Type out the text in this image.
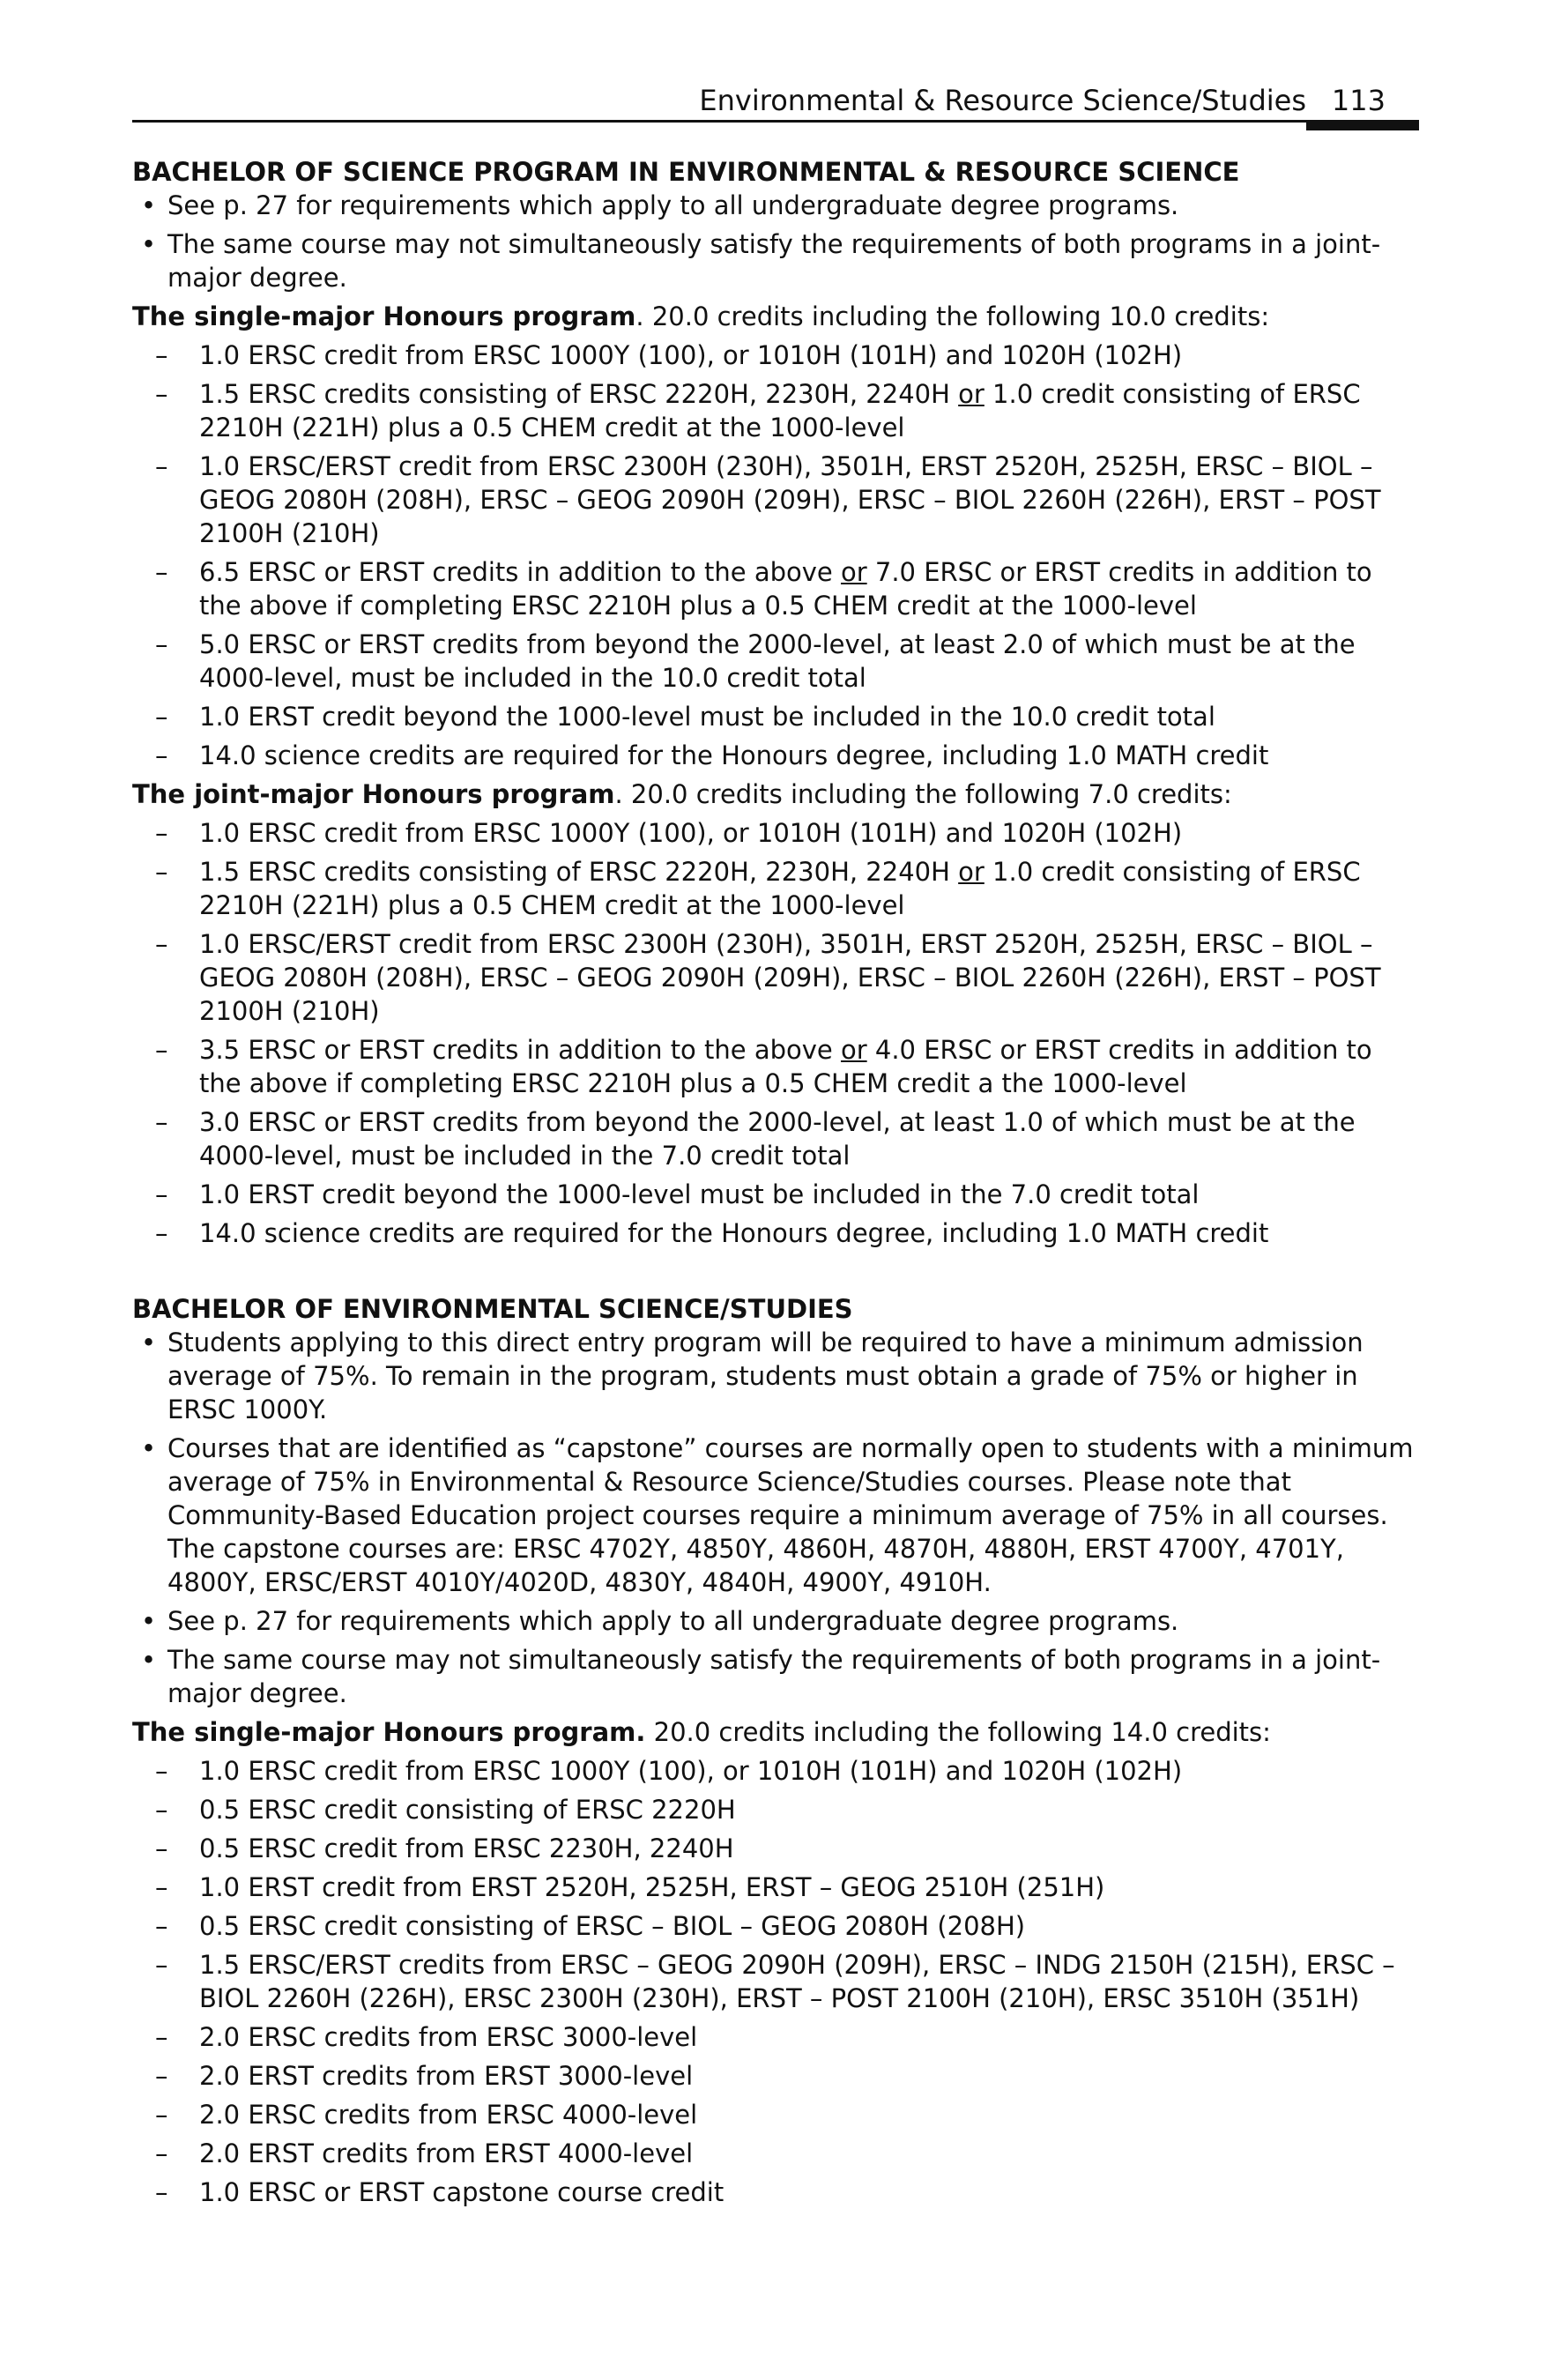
Environmental & Resource Science/Studies 113
BACHELOR OF SCIENCE PROGRAM IN ENVIRONMENTAL & RESOURCE SCIENCE
• See p. 27 for requirements which apply to all undergraduate degree programs.
• The same course may not simultaneously satisfy the requirements of both programs in a joint-major degree.

The single-major Honours program. 20.0 credits including the following 10.0 credits:

– 1.0 ERSC credit from ERSC 1000Y (100), or 1010H (101H) and 1020H (102H)
– 1.5 ERSC credits consisting of ERSC 2220H, 2230H, 2240H or 1.0 credit consisting of ERSC 2210H (221H) plus a 0.5 CHEM credit at the 1000-level
– 1.0 ERSC/ERST credit from ERSC 2300H (230H), 3501H, ERST 2520H, 2525H, ERSC – BIOL – GEOG 2080H (208H), ERSC – GEOG 2090H (209H), ERSC – BIOL 2260H (226H), ERST – POST 2100H (210H)
– 6.5 ERSC or ERST credits in addition to the above or 7.0 ERSC or ERST credits in addition to the above if completing ERSC 2210H plus a 0.5 CHEM credit at the 1000-level
– 5.0 ERSC or ERST credits from beyond the 2000-level, at least 2.0 of which must be at the 4000-level, must be included in the 10.0 credit total
– 1.0 ERST credit beyond the 1000-level must be included in the 10.0 credit total
– 14.0 science credits are required for the Honours degree, including 1.0 MATH credit

The joint-major Honours program. 20.0 credits including the following 7.0 credits:

– 1.0 ERSC credit from ERSC 1000Y (100), or 1010H (101H) and 1020H (102H)
– 1.5 ERSC credits consisting of ERSC 2220H, 2230H, 2240H or 1.0 credit consisting of ERSC 2210H (221H) plus a 0.5 CHEM credit at the 1000-level
– 1.0 ERSC/ERST credit from ERSC 2300H (230H), 3501H, ERST 2520H, 2525H, ERSC – BIOL – GEOG 2080H (208H), ERSC – GEOG 2090H (209H), ERSC – BIOL 2260H (226H), ERST – POST 2100H (210H)
– 3.5 ERSC or ERST credits in addition to the above or 4.0 ERSC or ERST credits in addition to the above if completing ERSC 2210H plus a 0.5 CHEM credit a the 1000-level
– 3.0 ERSC or ERST credits from beyond the 2000-level, at least 1.0 of which must be at the 4000-level, must be included in the 7.0 credit total
– 1.0 ERST credit beyond the 1000-level must be included in the 7.0 credit total
– 14.0 science credits are required for the Honours degree, including 1.0 MATH credit
BACHELOR OF ENVIRONMENTAL SCIENCE/STUDIES
• Students applying to this direct entry program will be required to have a minimum admission average of 75%. To remain in the program, students must obtain a grade of 75% or higher in ERSC 1000Y.
• Courses that are identified as “capstone” courses are normally open to students with a minimum average of 75% in Environmental & Resource Science/Studies courses. Please note that Community-Based Education project courses require a minimum average of 75% in all courses. The capstone courses are: ERSC 4702Y, 4850Y, 4860H, 4870H, 4880H, ERST 4700Y, 4701Y, 4800Y, ERSC/ERST 4010Y/4020D, 4830Y, 4840H, 4900Y, 4910H.
• See p. 27 for requirements which apply to all undergraduate degree programs.
• The same course may not simultaneously satisfy the requirements of both programs in a joint-major degree.

The single-major Honours program. 20.0 credits including the following 14.0 credits:

– 1.0 ERSC credit from ERSC 1000Y (100), or 1010H (101H) and 1020H (102H)
– 0.5 ERSC credit consisting of ERSC 2220H
– 0.5 ERSC credit from ERSC 2230H, 2240H
– 1.0 ERST credit from ERST 2520H, 2525H, ERST – GEOG 2510H (251H)
– 0.5 ERSC credit consisting of ERSC – BIOL – GEOG 2080H (208H)
– 1.5 ERSC/ERST credits from ERSC – GEOG 2090H (209H), ERSC – INDG 2150H (215H), ERSC – BIOL 2260H (226H), ERSC 2300H (230H), ERST – POST 2100H (210H), ERSC 3510H (351H)
– 2.0 ERSC credits from ERSC 3000-level
– 2.0 ERST credits from ERST 3000-level
– 2.0 ERSC credits from ERSC 4000-level
– 2.0 ERST credits from ERST 4000-level
– 1.0 ERSC or ERST capstone course credit
